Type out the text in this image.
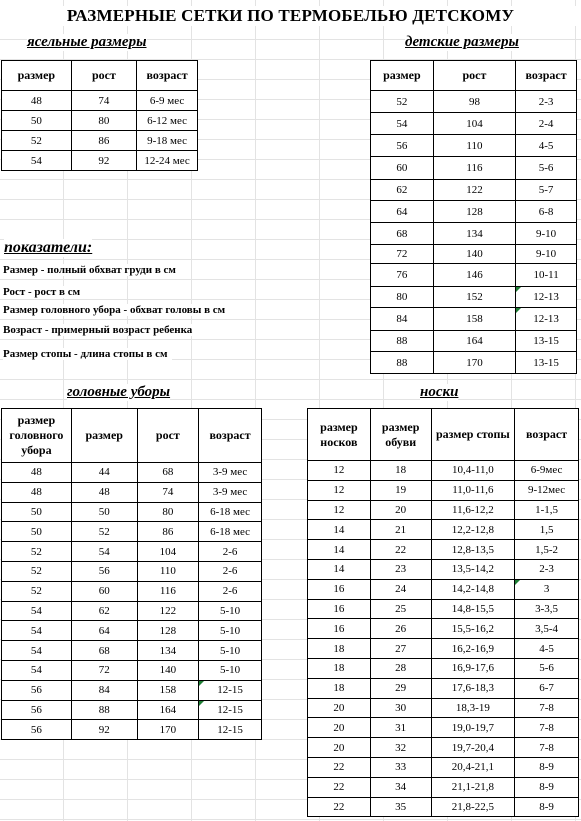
РАЗМЕРНЫЕ СЕТКИ ПО ТЕРМОБЕЛЬЮ ДЕТСКОМУ
ясельные размеры
размер	рост	возраст
48	74	6-9 мес
50	80	6-12 мес
52	86	9-18 мес
54	92	12-24 мес
детские размеры
размер	рост	возраст
52	98	2-3
54	104	2-4
56	110	4-5
60	116	5-6
62	122	5-7
64	128	6-8
68	134	9-10
72	140	9-10
76	146	10-11
80	152	12-13
84	158	12-13
88	164	13-15
88	170	13-15
показатели:
Размер - полный обхват груди в см
Рост - рост в см
Размер головного убора - обхват головы в см
Возраст - примерный возраст ребенка
Размер стопы - длина стопы в см
головные уборы
размер головного убора	размер	рост	возраст
48	44	68	3-9 мес
48	48	74	3-9 мес
50	50	80	6-18 мес
50	52	86	6-18 мес
52	54	104	2-6
52	56	110	2-6
52	60	116	2-6
54	62	122	5-10
54	64	128	5-10
54	68	134	5-10
54	72	140	5-10
56	84	158	12-15
56	88	164	12-15
56	92	170	12-15
носки
размер носков	размер обуви	размер стопы	возраст
12	18	10,4-11,0	6-9мес
12	19	11,0-11,6	9-12мес
12	20	11,6-12,2	1-1,5
14	21	12,2-12,8	1,5
14	22	12,8-13,5	1,5-2
14	23	13,5-14,2	2-3
16	24	14,2-14,8	3
16	25	14,8-15,5	3-3,5
16	26	15,5-16,2	3,5-4
18	27	16,2-16,9	4-5
18	28	16,9-17,6	5-6
18	29	17,6-18,3	6-7
20	30	18,3-19	7-8
20	31	19,0-19,7	7-8
20	32	19,7-20,4	7-8
22	33	20,4-21,1	8-9
22	34	21,1-21,8	8-9
22	35	21,8-22,5	8-9
